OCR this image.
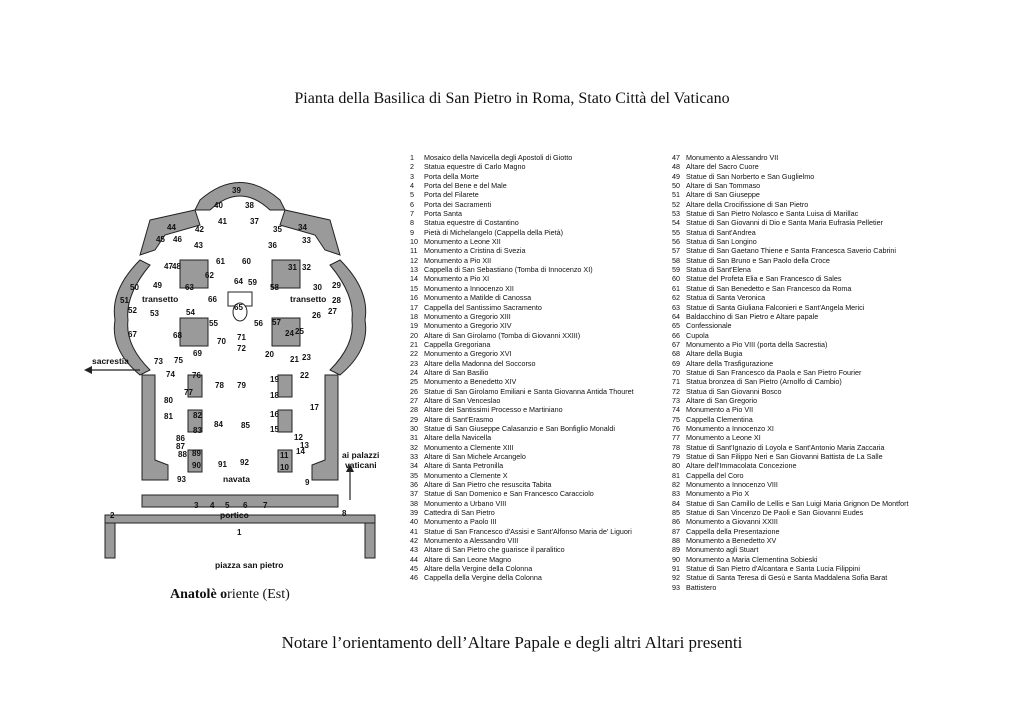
Pianta della Basilica di San Pietro in Roma, Stato Città del Vaticano
1
2
3 4 5 6 7
8
9
10
11
12
13
14
15
16
17
18
19
20
21
22
23
24 25
26 27
28
29
30
31 32
33
34
35
36
37
38
39
40
41
42
43
44
45 46
47 48
49
50
51
52 53	54
55	56 57
58
59
60
61
62
63
64
65
66
67	68
69
70 71
72
73
74
75
76
77
78 79
80
81	82
83
84 85
86
87
88 89
90 91 92
93
transetto	transetto
sacrestia
navata
portico
piazza san pietro
ai palazzi
vaticani
Anatolè oriente (Est)
1 Mosaico della Navicella degli Apostoli di Giotto
2 Statua equestre di Carlo Magno
3 Porta della Morte
4 Porta del Bene e del Male
5 Porta del Filarete
6 Porta dei Sacramenti
7 Porta Santa
8 Statua equestre di Costantino
9 Pietà di Michelangelo (Cappella della Pietà)
10 Monumento a Leone XII
11 Monumento a Cristina di Svezia
12 Monumento a Pio XII
13 Cappella di San Sebastiano (Tomba di Innocenzo XI)
14 Monumento a Pio XI
15 Monumento a Innocenzo XII
16 Monumento a Matilde di Canossa
17 Cappella del Santissimo Sacramento
18 Monumento a Gregorio XIII
19 Monumento a Gregorio XIV
20 Altare di San Girolamo (Tomba di Giovanni XXIII)
21 Cappella Gregoriana
22 Monumento a Gregorio XVI
23 Altare della Madonna del Soccorso
24 Altare di San Basilio
25 Monumento a Benedetto XIV
26 Statue di San Girolamo Emiliani e Santa Giovanna Antida Thouret
27 Altare di San Venceslao
28 Altare dei Santissimi Processo e Martiniano
29 Altare di Sant'Erasmo
30 Statue di San Giuseppe Calasanzio e San Bonfiglio Monaldi
31 Altare della Navicella
32 Monumento a Clemente XIII
33 Altare di San Michele Arcangelo
34 Altare di Santa Petronilla
35 Monumento a Clemente X
36 Altare di San Pietro che resuscita Tabita
37 Statue di San Domenico e San Francesco Caracciolo
38 Monumento a Urbano VIII
39 Cattedra di San Pietro
40 Monumento a Paolo III
41 Statue di San Francesco d'Assisi e Sant'Alfonso Maria de' Liguori
42 Monumento a Alessandro VIII
43 Altare di San Pietro che guarisce il paralitico
44 Altare di San Leone Magno
45 Altare della Vergine della Colonna
46 Cappella della Vergine della Colonna
47 Monumento a Alessandro VII
48 Altare del Sacro Cuore
49 Statue di San Norberto e San Guglielmo
50 Altare di San Tommaso
51 Altare di San Giuseppe
52 Altare della Crocifissione di San Pietro
53 Statue di San Pietro Nolasco e Santa Luisa di Marillac
54 Statue di San Giovanni di Dio e Santa Maria Eufrasia Pelletier
55 Statua di Sant'Andrea
56 Statua di San Longino
57 Statue di San Gaetano Thiene e Santa Francesca Saverio Cabrini
58 Statue di San Bruno e San Paolo della Croce
59 Statua di Sant'Elena
60 Statue del Profeta Elia e San Francesco di Sales
61 Statue di San Benedetto e San Francesco da Roma
62 Statua di Santa Veronica
63 Statue di Santa Giuliana Falconieri e Sant'Angela Merici
64 Baldacchino di San Pietro e Altare papale
65 Confessionale
66 Cupola
67 Monumento a Pio VIII (porta della Sacrestia)
68 Altare della Bugia
69 Altare della Trasfigurazione
70 Statue di San Francesco da Paola e San Pietro Fourier
71 Statua bronzea di San Pietro (Arnolfo di Cambio)
72 Statua di San Giovanni Bosco
73 Altare di San Gregorio
74 Monumento a Pio VII
75 Cappella Clementina
76 Monumento a Innocenzo XI
77 Monumento a Leone XI
78 Statue di Sant'Ignazio di Loyola e Sant'Antonio Maria Zaccaria
79 Statue di San Filippo Neri e San Giovanni Battista de La Salle
80 Altare dell'Immacolata Concezione
81 Cappella del Coro
82 Monumento a Innocenzo VIII
83 Monumento a Pio X
84 Statue di San Camillo de Lellis e San Luigi Maria Grignon De Montfort
85 Statue di San Vincenzo De Paoli e San Giovanni Eudes
86 Monumento a Giovanni XXIII
87 Cappella della Presentazione
88 Monumento a Benedetto XV
89 Monumento agli Stuart
90 Monumento a Maria Clementina Sobieski
91 Statue di San Pietro d'Alcantara e Santa Lucia Filippini
92 Statue di Santa Teresa di Gesù e Santa Maddalena Sofia Barat
93 Battistero
Notare l’orientamento dell’Altare Papale e degli altri Altari presenti
